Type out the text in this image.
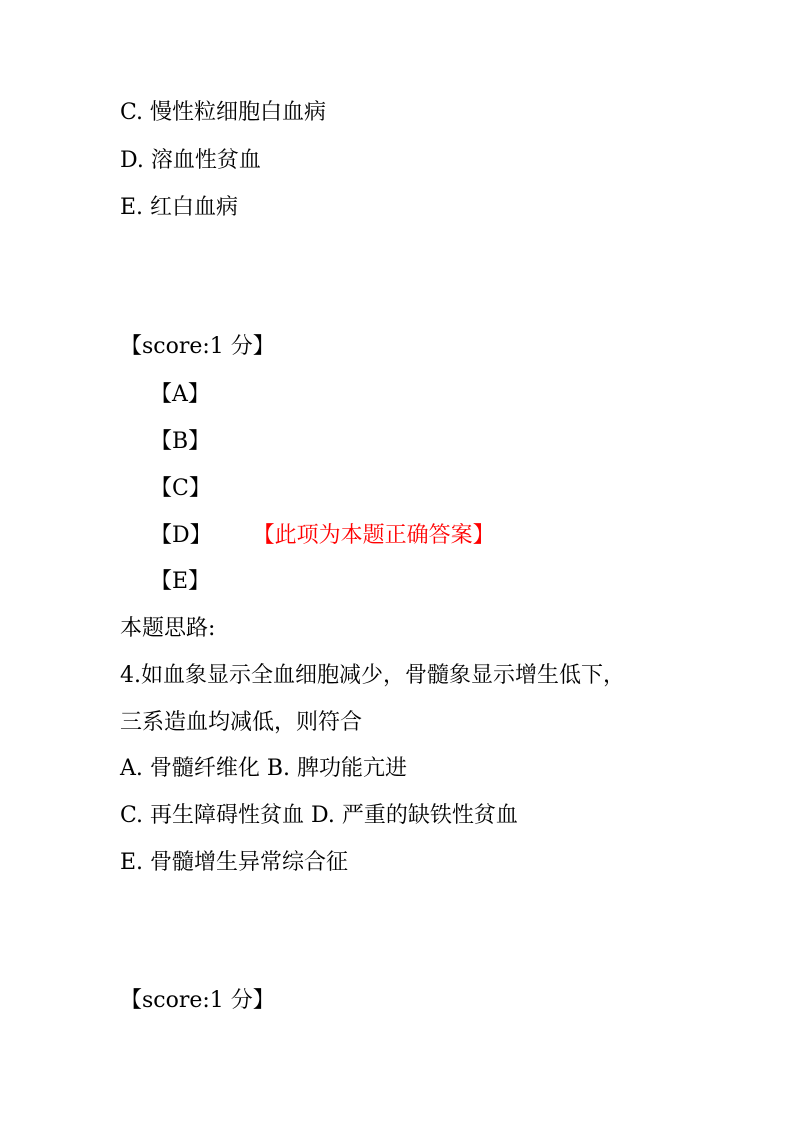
C. 慢性粒细胞白血病
D. 溶血性贫血
E. 红白血病
【score:1 分】
【A】
【B】
【C】
【D】 【此项为本题正确答案】
【E】
本题思路:
4.如血象显示全血细胞减少，骨髓象显示增生低下，
三系造血均减低，则符合
A. 骨髓纤维化 B. 脾功能亢进
C. 再生障碍性贫血 D. 严重的缺铁性贫血
E. 骨髓增生异常综合征
【score:1 分】
